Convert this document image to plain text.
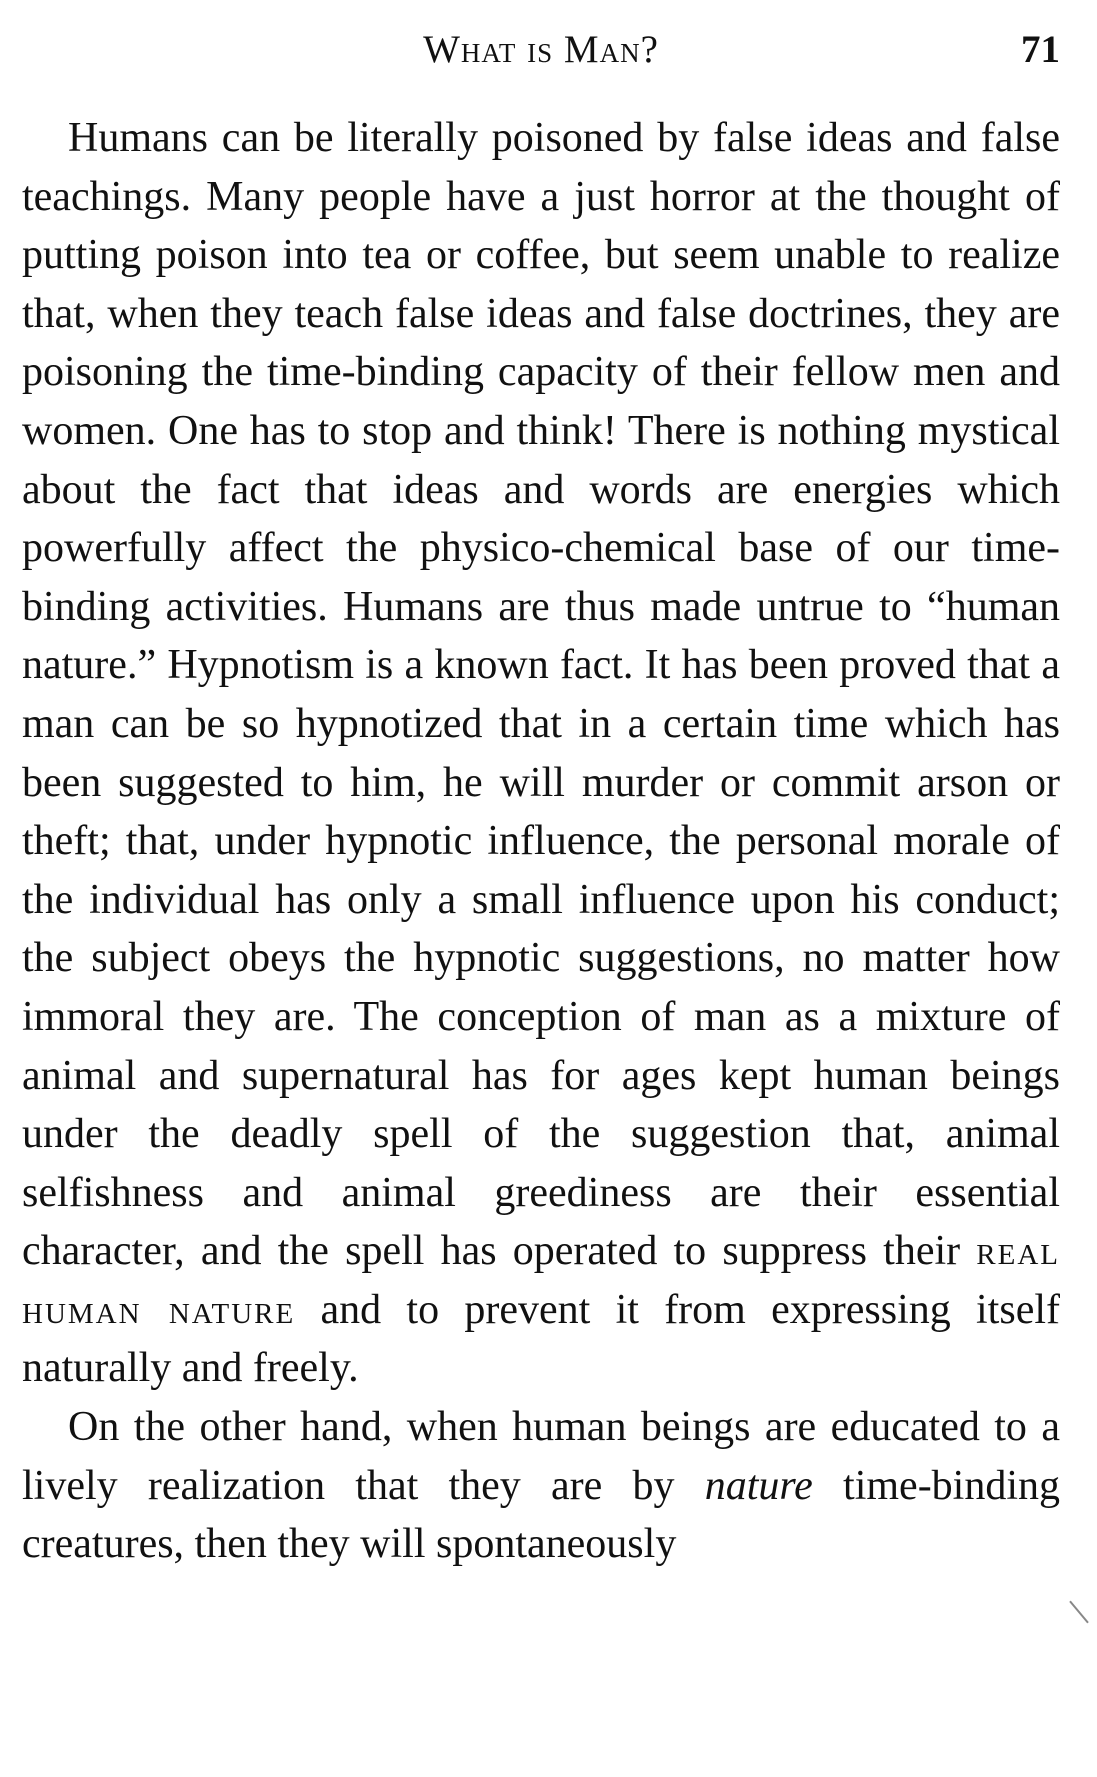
What is Man?	71

Humans can be literally poisoned by false ideas and false teachings. Many people have a just horror at the thought of putting poison into tea or coffee, but seem unable to realize that, when they teach false ideas and false doctrines, they are poisoning the time-binding capacity of their fellow men and women. One has to stop and think! There is nothing mystical about the fact that ideas and words are energies which powerfully affect the physico-chemical base of our time-binding activities. Humans are thus made untrue to “human nature.” Hypnotism is a known fact. It has been proved that a man can be so hypnotized that in a certain time which has been suggested to him, he will murder or commit arson or theft; that, under hypnotic influence, the personal morale of the individual has only a small influence upon his conduct; the subject obeys the hypnotic suggestions, no matter how immoral they are. The conception of man as a mixture of animal and supernatural has for ages kept human beings under the deadly spell of the suggestion that, animal selfishness and animal greediness are their essential character, and the spell has operated to suppress their real human nature and to prevent it from expressing itself naturally and freely.

On the other hand, when human beings are educated to a lively realization that they are by nature time-binding creatures, then they will spontaneously
